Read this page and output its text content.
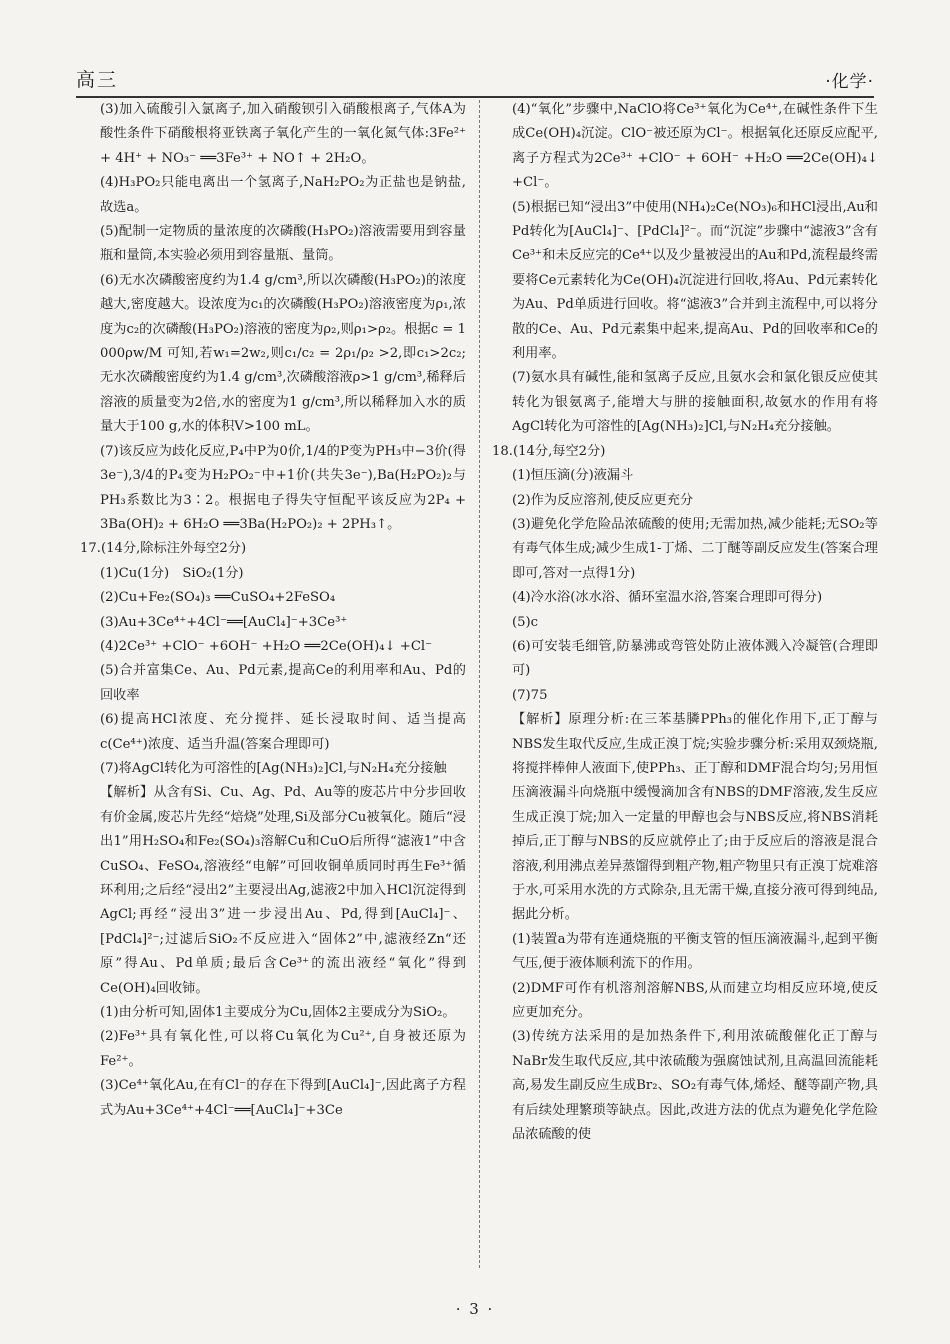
高三	·化学·

(3)加入硫酸引入氯离子,加入硝酸钡引入硝酸根离子,气体A为酸性条件下硝酸根将亚铁离子氧化产生的一氧化氮气体:3Fe²⁺ + 4H⁺ + NO₃⁻ ══3Fe³⁺ + NO↑ + 2H₂O。

(4)H₃PO₂只能电离出一个氢离子,NaH₂PO₂为正盐也是钠盐,故选a。

(5)配制一定物质的量浓度的次磷酸(H₃PO₂)溶液需要用到容量瓶和量筒,本实验必须用到容量瓶、量筒。

(6)无水次磷酸密度约为1.4 g/cm³,所以次磷酸(H₃PO₂)的浓度越大,密度越大。设浓度为c₁的次磷酸(H₃PO₂)溶液密度为ρ₁,浓度为c₂的次磷酸(H₃PO₂)溶液的密度为ρ₂,则ρ₁>ρ₂。根据c = 1 000ρw/M 可知,若w₁=2w₂,则c₁/c₂ = 2ρ₁/ρ₂ >2,即c₁>2c₂;无水次磷酸密度约为1.4 g/cm³,次磷酸溶液ρ>1 g/cm³,稀释后溶液的质量变为2倍,水的密度为1 g/cm³,所以稀释加入水的质量大于100 g,水的体积V>100 mL。

(7)该反应为歧化反应,P₄中P为0价,1/4的P变为PH₃中−3价(得3e⁻),3/4的P₄变为H₂PO₂⁻中+1价(共失3e⁻),Ba(H₂PO₂)₂与PH₃系数比为3∶2。根据电子得失守恒配平该反应为2P₄ + 3Ba(OH)₂ + 6H₂O ══3Ba(H₂PO₂)₂ + 2PH₃↑。

17.(14分,除标注外每空2分)

(1)Cu(1分)　SiO₂(1分)

(2)Cu+Fe₂(SO₄)₃ ══CuSO₄+2FeSO₄

(3)Au+3Ce⁴⁺+4Cl⁻══[AuCl₄]⁻+3Ce³⁺

(4)2Ce³⁺ +ClO⁻ +6OH⁻ +H₂O ══2Ce(OH)₄↓ +Cl⁻

(5)合并富集Ce、Au、Pd元素,提高Ce的利用率和Au、Pd的回收率

(6)提高HCl浓度、充分搅拌、延长浸取时间、适当提高c(Ce⁴⁺)浓度、适当升温(答案合理即可)

(7)将AgCl转化为可溶性的[Ag(NH₃)₂]Cl,与N₂H₄充分接触

【解析】从含有Si、Cu、Ag、Pd、Au等的废芯片中分步回收有价金属,废芯片先经“焙烧”处理,Si及部分Cu被氧化。随后“浸出1”用H₂SO₄和Fe₂(SO₄)₃溶解Cu和CuO后所得“滤液1”中含CuSO₄、FeSO₄,溶液经“电解”可回收铜单质同时再生Fe³⁺循环利用;之后经“浸出2”主要浸出Ag,滤液2中加入HCl沉淀得到AgCl;再经“浸出3”进一步浸出Au、Pd,得到[AuCl₄]⁻、[PdCl₄]²⁻;过滤后SiO₂不反应进入“固体2”中,滤液经Zn“还原”得Au、Pd单质;最后含Ce³⁺的流出液经“氧化”得到Ce(OH)₄回收铈。

(1)由分析可知,固体1主要成分为Cu,固体2主要成分为SiO₂。

(2)Fe³⁺具有氧化性,可以将Cu氧化为Cu²⁺,自身被还原为Fe²⁺。

(3)Ce⁴⁺氧化Au,在有Cl⁻的存在下得到[AuCl₄]⁻,因此离子方程式为Au+3Ce⁴⁺+4Cl⁻══[AuCl₄]⁻+3Ce

(4)“氧化”步骤中,NaClO将Ce³⁺氧化为Ce⁴⁺,在碱性条件下生成Ce(OH)₄沉淀。ClO⁻被还原为Cl⁻。根据氧化还原反应配平,离子方程式为2Ce³⁺ +ClO⁻ + 6OH⁻ +H₂O ══2Ce(OH)₄↓ +Cl⁻。

(5)根据已知“浸出3”中使用(NH₄)₂Ce(NO₃)₆和HCl浸出,Au和Pd转化为[AuCl₄]⁻、[PdCl₄]²⁻。而“沉淀”步骤中“滤液3”含有Ce³⁺和未反应完的Ce⁴⁺以及少量被浸出的Au和Pd,流程最终需要将Ce元素转化为Ce(OH)₄沉淀进行回收,将Au、Pd元素转化为Au、Pd单质进行回收。将“滤液3”合并到主流程中,可以将分散的Ce、Au、Pd元素集中起来,提高Au、Pd的回收率和Ce的利用率。

(7)氨水具有碱性,能和氢离子反应,且氨水会和氯化银反应使其转化为银氨离子,能增大与肼的接触面积,故氨水的作用有将AgCl转化为可溶性的[Ag(NH₃)₂]Cl,与N₂H₄充分接触。

18.(14分,每空2分)

(1)恒压滴(分)液漏斗

(2)作为反应溶剂,使反应更充分

(3)避免化学危险品浓硫酸的使用;无需加热,减少能耗;无SO₂等有毒气体生成;减少生成1-丁烯、二丁醚等副反应发生(答案合理即可,答对一点得1分)

(4)冷水浴(冰水浴、循环室温水浴,答案合理即可得分)

(5)c

(6)可安装毛细管,防暴沸或弯管处防止液体溅入冷凝管(合理即可)

(7)75

【解析】原理分析:在三苯基膦PPh₃的催化作用下,正丁醇与NBS发生取代反应,生成正溴丁烷;实验步骤分析:采用双颈烧瓶,将搅拌棒伸人液面下,使PPh₃、正丁醇和DMF混合均匀;另用恒压滴液漏斗向烧瓶中缓慢滴加含有NBS的DMF溶液,发生反应生成正溴丁烷;加入一定量的甲醇也会与NBS反应,将NBS消耗掉后,正丁醇与NBS的反应就停止了;由于反应后的溶液是混合溶液,利用沸点差异蒸馏得到粗产物,粗产物里只有正溴丁烷难溶于水,可采用水洗的方式除杂,且无需干燥,直接分液可得到纯品,据此分析。

(1)装置a为带有连通烧瓶的平衡支管的恒压滴液漏斗,起到平衡气压,便于液体顺利流下的作用。

(2)DMF可作有机溶剂溶解NBS,从而建立均相反应环境,使反应更加充分。

(3)传统方法采用的是加热条件下,利用浓硫酸催化正丁醇与NaBr发生取代反应,其中浓硫酸为强腐蚀试剂,且高温回流能耗高,易发生副反应生成Br₂、SO₂有毒气体,烯烃、醚等副产物,具有后续处理繁琐等缺点。因此,改进方法的优点为避免化学危险品浓硫酸的使

· 3 ·
